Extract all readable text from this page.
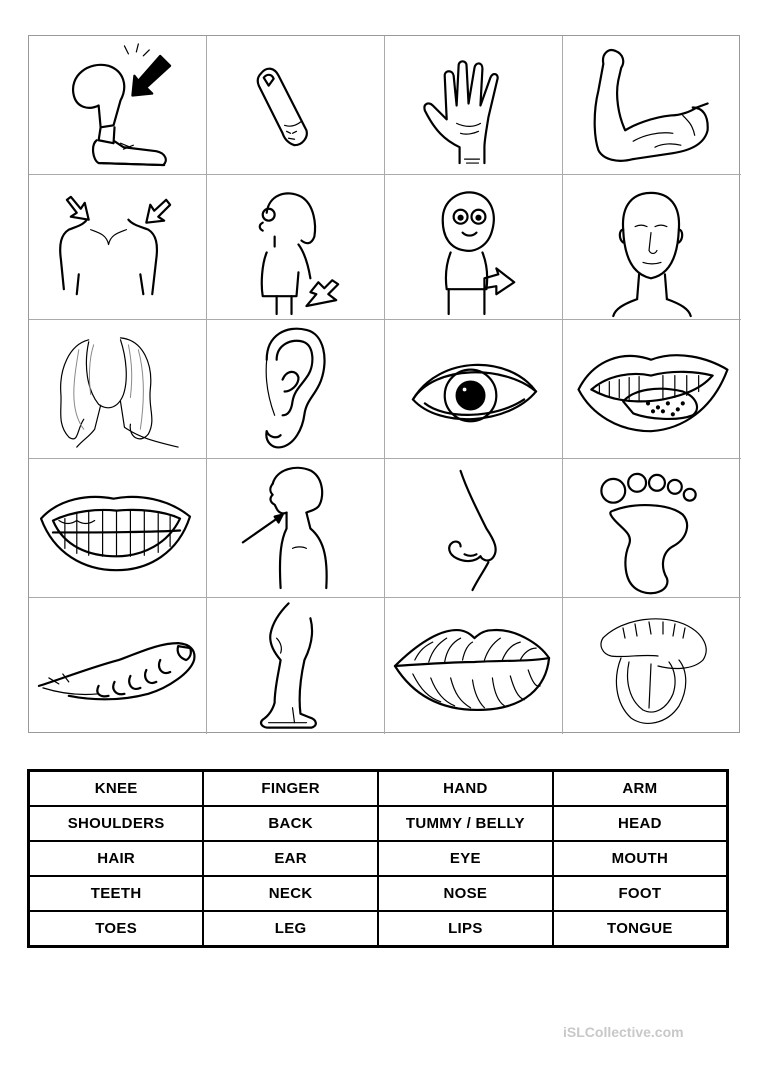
KNEE	FINGER	HAND	ARM
SHOULDERS	BACK	TUMMY / BELLY	HEAD
HAIR	EAR	EYE	MOUTH
TEETH	NECK	NOSE	FOOT
TOES	LEG	LIPS	TONGUE
iSLCollective.com
